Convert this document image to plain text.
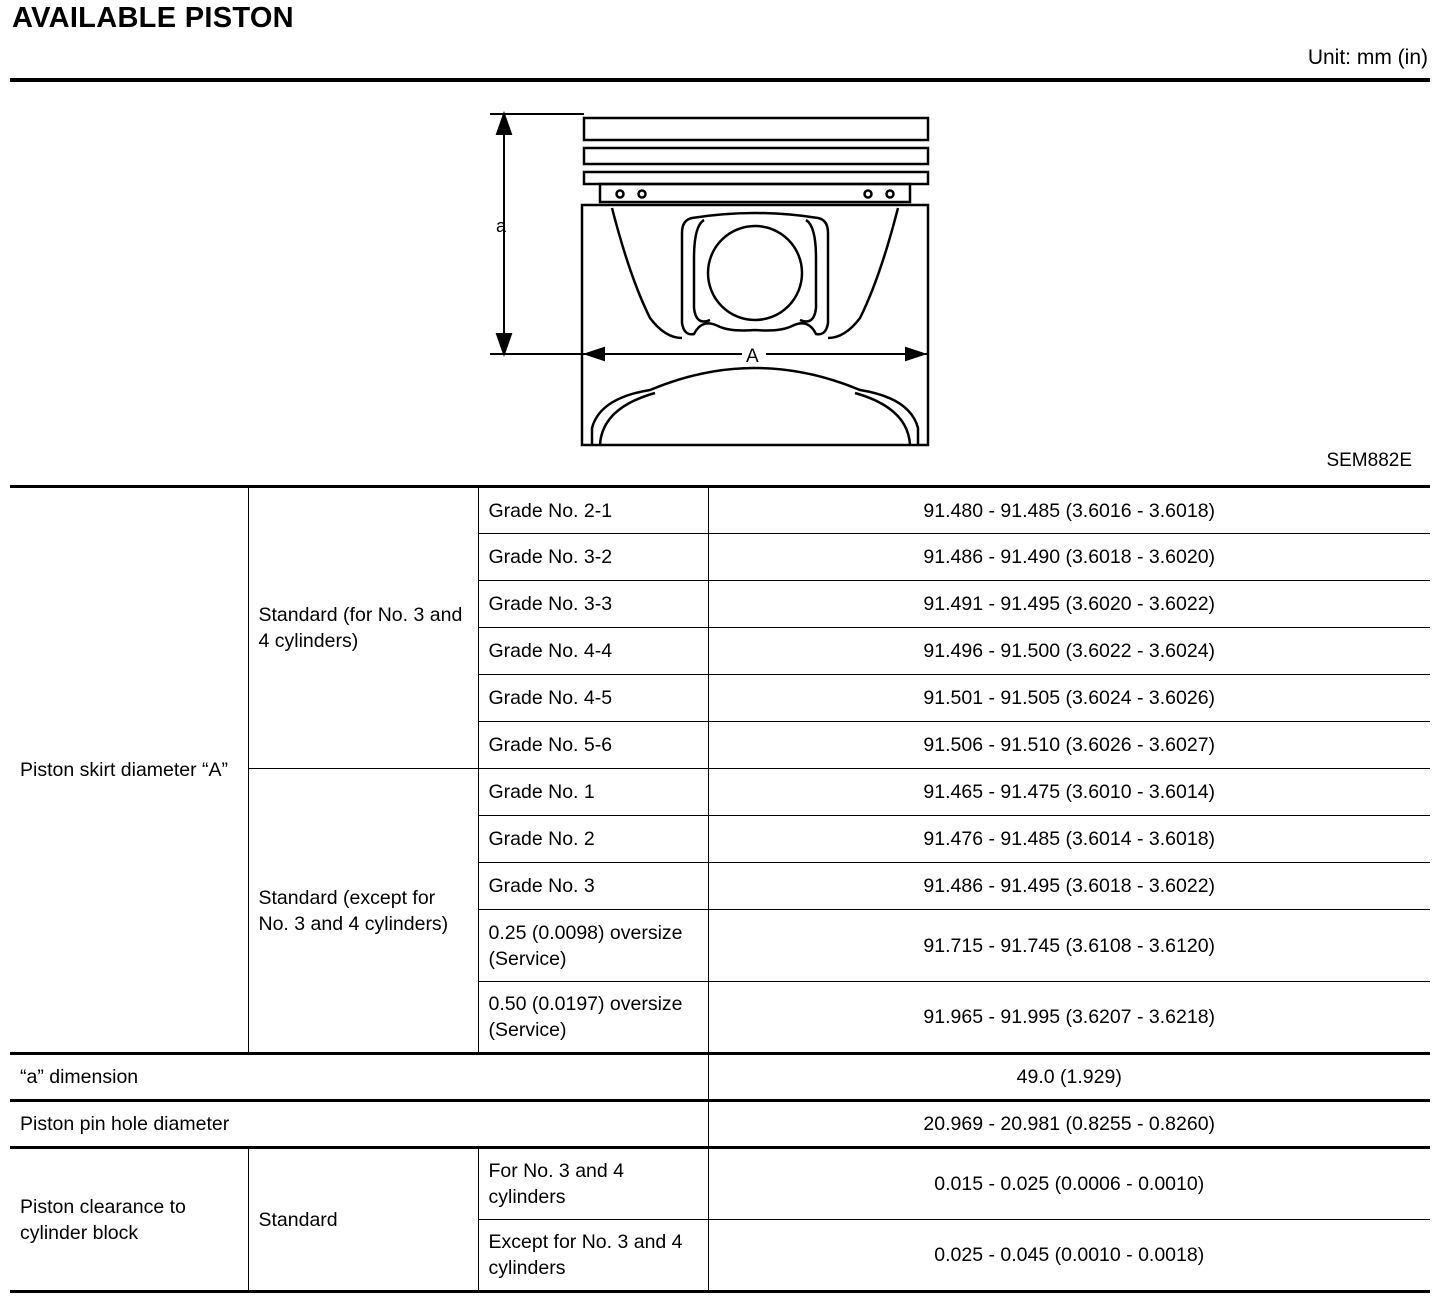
AVAILABLE PISTON
Unit: mm (in)
a
A
SEM882E
Piston skirt diameter “A”	Standard (for No. 3 and 4 cylinders)	Grade No. 2-1	91.480 - 91.485 (3.6016 - 3.6018)
		Grade No. 3-2	91.486 - 91.490 (3.6018 - 3.6020)
		Grade No. 3-3	91.491 - 91.495 (3.6020 - 3.6022)
		Grade No. 4-4	91.496 - 91.500 (3.6022 - 3.6024)
		Grade No. 4-5	91.501 - 91.505 (3.6024 - 3.6026)
		Grade No. 5-6	91.506 - 91.510 (3.6026 - 3.6027)
	Standard (except for No. 3 and 4 cylinders)	Grade No. 1	91.465 - 91.475 (3.6010 - 3.6014)
		Grade No. 2	91.476 - 91.485 (3.6014 - 3.6018)
		Grade No. 3	91.486 - 91.495 (3.6018 - 3.6022)
		0.25 (0.0098) oversize (Service)	91.715 - 91.745 (3.6108 - 3.6120)
		0.50 (0.0197) oversize (Service)	91.965 - 91.995 (3.6207 - 3.6218)
“a” dimension			49.0 (1.929)
Piston pin hole diameter			20.969 - 20.981 (0.8255 - 0.8260)
Piston clearance to cylinder block	Standard	For No. 3 and 4 cylinders	0.015 - 0.025 (0.0006 - 0.0010)
		Except for No. 3 and 4 cylinders	0.025 - 0.045 (0.0010 - 0.0018)
